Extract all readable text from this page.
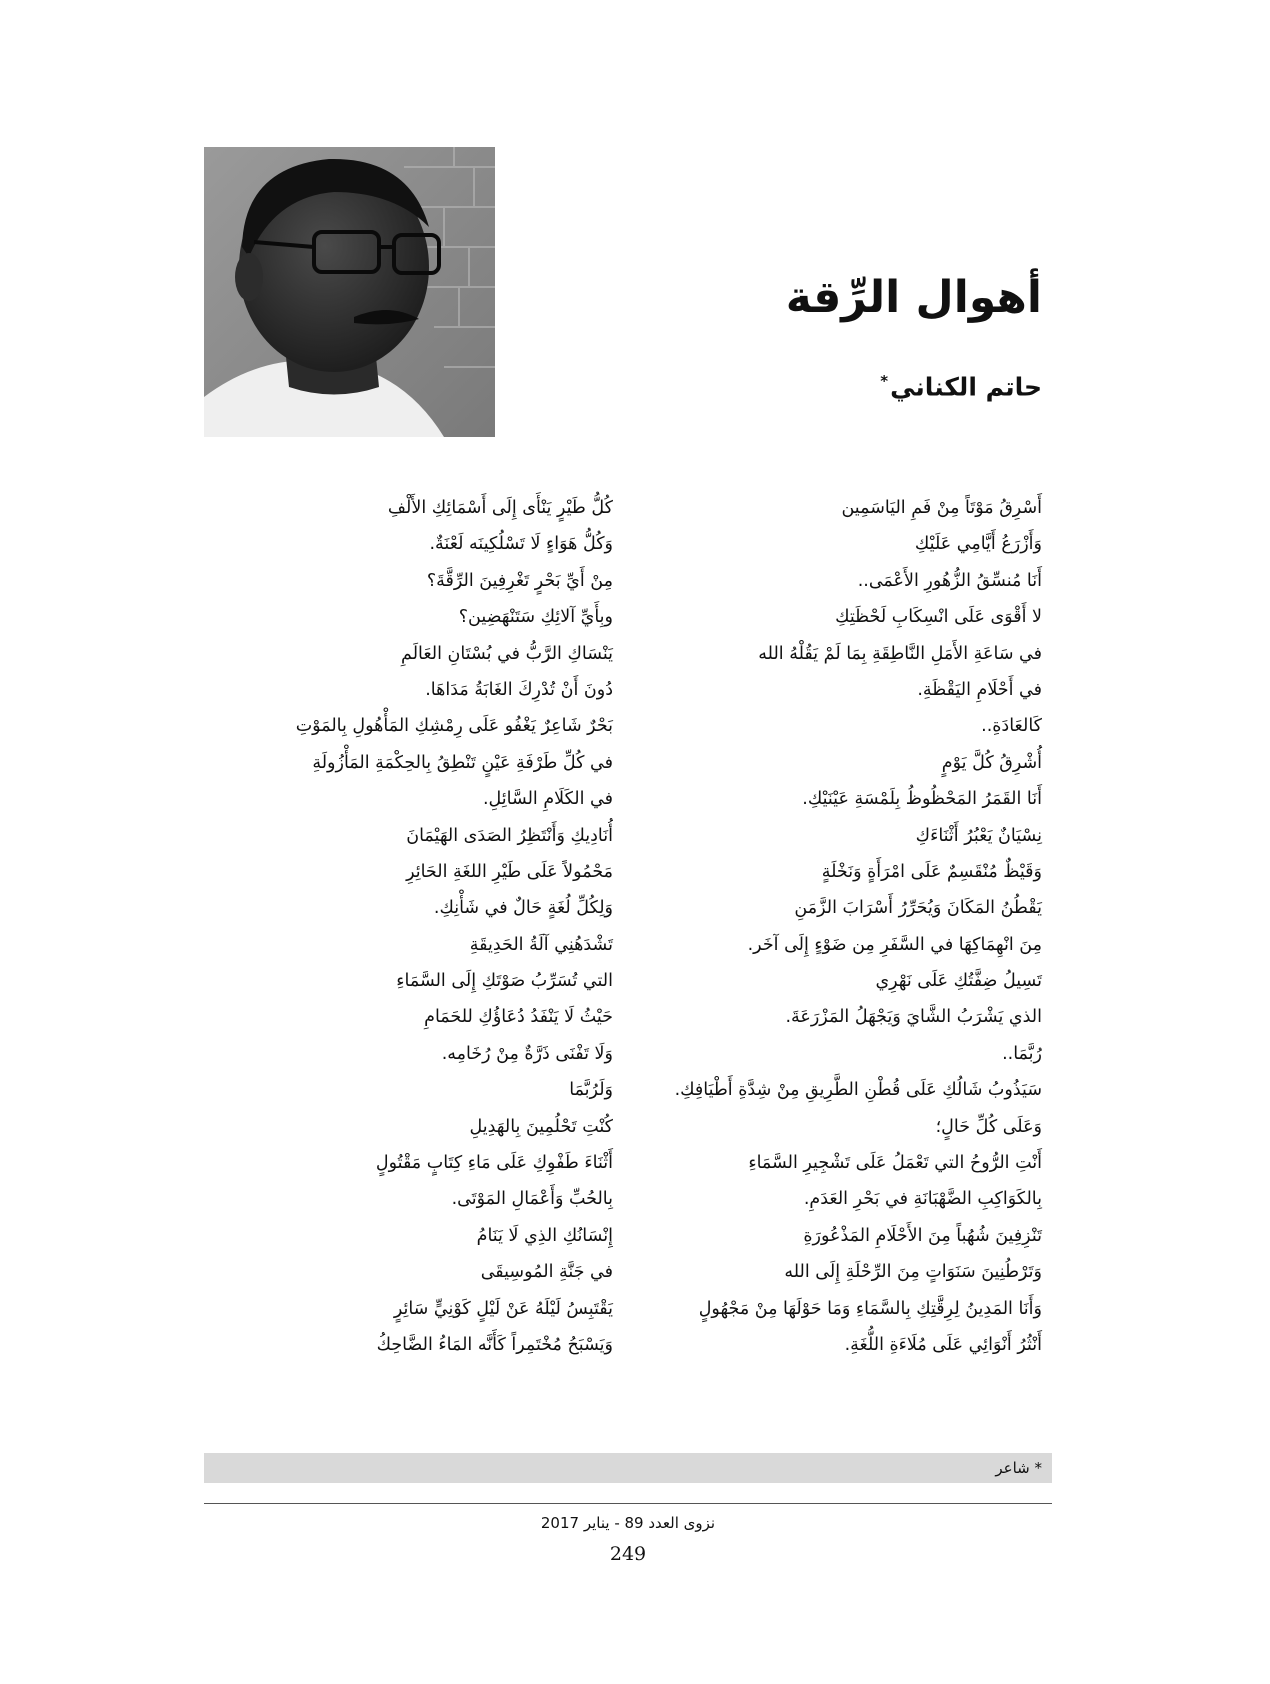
أهوال الرِّقة
حاتم الكناني*
أَسْرِقُ مَوْتَاً مِنْ فَمِ اليَاسَمِين
وَأَزْرَعُ أَيَّامِي عَلَيْكِ
أَنَا مُنسِّقُ الزُّهُورِ الأَعْمَى..
لا أَقْوَى عَلَى انْسِكَابِ لَحْظَتِكِ
في سَاعَةِ الأَمَلِ النَّاطِقَةِ بِمَا لَمْ يَقُلْهُ الله
في أَحْلَامِ اليَقْظَةِ.
كَالعَادَةِ..
أُشْرِقُ كُلَّ يَوْمٍ
أَنَا القَمَرُ المَحْظُوظُ بِلَمْسَةِ عَيْنَيْكِ.
نِسْيَانٌ يَعْبُرُ أَثْنَاءَكِ
وَقَيْظٌ مُنْقَسِمٌ عَلَى امْرَأَةٍ وَنَخْلَةٍ
يَقْطُنُ المَكَانَ وَيُحَرِّرُ أَسْرَابَ الزَّمَنِ
مِنَ انْهِمَاكِهَا في السَّفَرِ مِن ضَوْءٍ إِلَى آخَر.
تَسِيلُ ضِفَّتُكِ عَلَى نَهْرِي
الذي يَشْرَبُ الشَّايَ وَيَجْهَلُ المَزْرَعَةَ.
رُبَّمَا..
سَيَذُوبُ شَالُكِ عَلَى قُطْنِ الطَّرِيقِ مِنْ شِدَّةِ أَطْيَافِكِ.
وَعَلَى كُلِّ حَالٍ؛
أَنْتِ الرُّوحُ التي تَعْمَلُ عَلَى تَشْجِيرِ السَّمَاءِ
بِالكَوَاكِبِ الضَّهْبَانَةِ في بَحْرِ العَدَمِ.
تَنْزِفِينَ شُهُباً مِنَ الأَحْلَامِ المَذْعُورَةِ
وَتَرْطُنِينَ سَنَوَاتٍ مِنَ الرِّحْلَةِ إِلَى الله
وَأَنَا المَدِينُ لِرِقَّتِكِ بِالسَّمَاءِ وَمَا حَوْلَهَا مِنْ مَجْهُولٍ
أَنْثُرُ أَنْوَائِي عَلَى مُلَاءَةِ اللُّغَةِ.
كُلُّ طَيْرٍ يَنْأَى إِلَى أَسْمَائِكِ الأَلْفِ
وَكُلُّ هَوَاءٍ لَا تَسْلُكِينَه لَعْنَةٌ.
مِنْ أَيِّ بَحْرٍ تَغْرِفِينَ الرِّقَّةَ؟
وبِأَيِّ آلائِكِ سَتَنْهَضِين؟
يَنْسَاكِ الرَّبُّ في بُسْتَانِ العَالَمِ
دُونَ أَنْ تُدْرِكَ الغَابَةُ مَدَاهَا.
بَحْرٌ شَاعِرٌ يَغْفُو عَلَى رِمْشِكِ المَأْهُولِ بِالمَوْتِ
في كُلِّ طَرْفَةِ عَيْنٍ تَنْطِقُ بِالحِكْمَةِ المَأْزُولَةِ
في الكَلَامِ السَّائِلِ.
أُنَادِيكِ وَأَنْتَظِرُ الصَدَى الهَيْمَانَ
مَحْمُولاً عَلَى طَيْرِ اللغَةِ الحَائِرِ
وَلِكُلِّ لُغَةٍ حَالٌ في شَأْنِكِ.
تَشْدَهُنِي آلَةُ الحَدِيقَةِ
التي تُسَرِّبُ صَوْتَكِ إِلَى السَّمَاءِ
حَيْثُ لَا يَنْفَدُ دُعَاؤُكِ للحَمَامِ
وَلَا تَفْنَى ذَرَّةٌ مِنْ رُخَامِه.
وَلَرُبَّمَا
كُنْتِ تَحْلُمِينَ بِالهَدِيلِ
أَثْنَاءَ طَفْوِكِ عَلَى مَاءِ كِتَابٍ مَقْتُولٍ
بِالحُبِّ وَأَعْمَالِ المَوْتَى.
إِنْسَانُكِ الذِي لَا يَنَامُ
في جَنَّةِ المُوسِيقَى
يَقْتَبِسُ لَيْلَهُ عَنْ لَيْلٍ كَوْنِيٍّ سَائِرٍ
وَيَسْبَحُ مُخْتَمِراً كَأَنَّه المَاءُ الضَّاحِكُ
* شاعر
نزوى العدد 89 - يناير 2017
249
